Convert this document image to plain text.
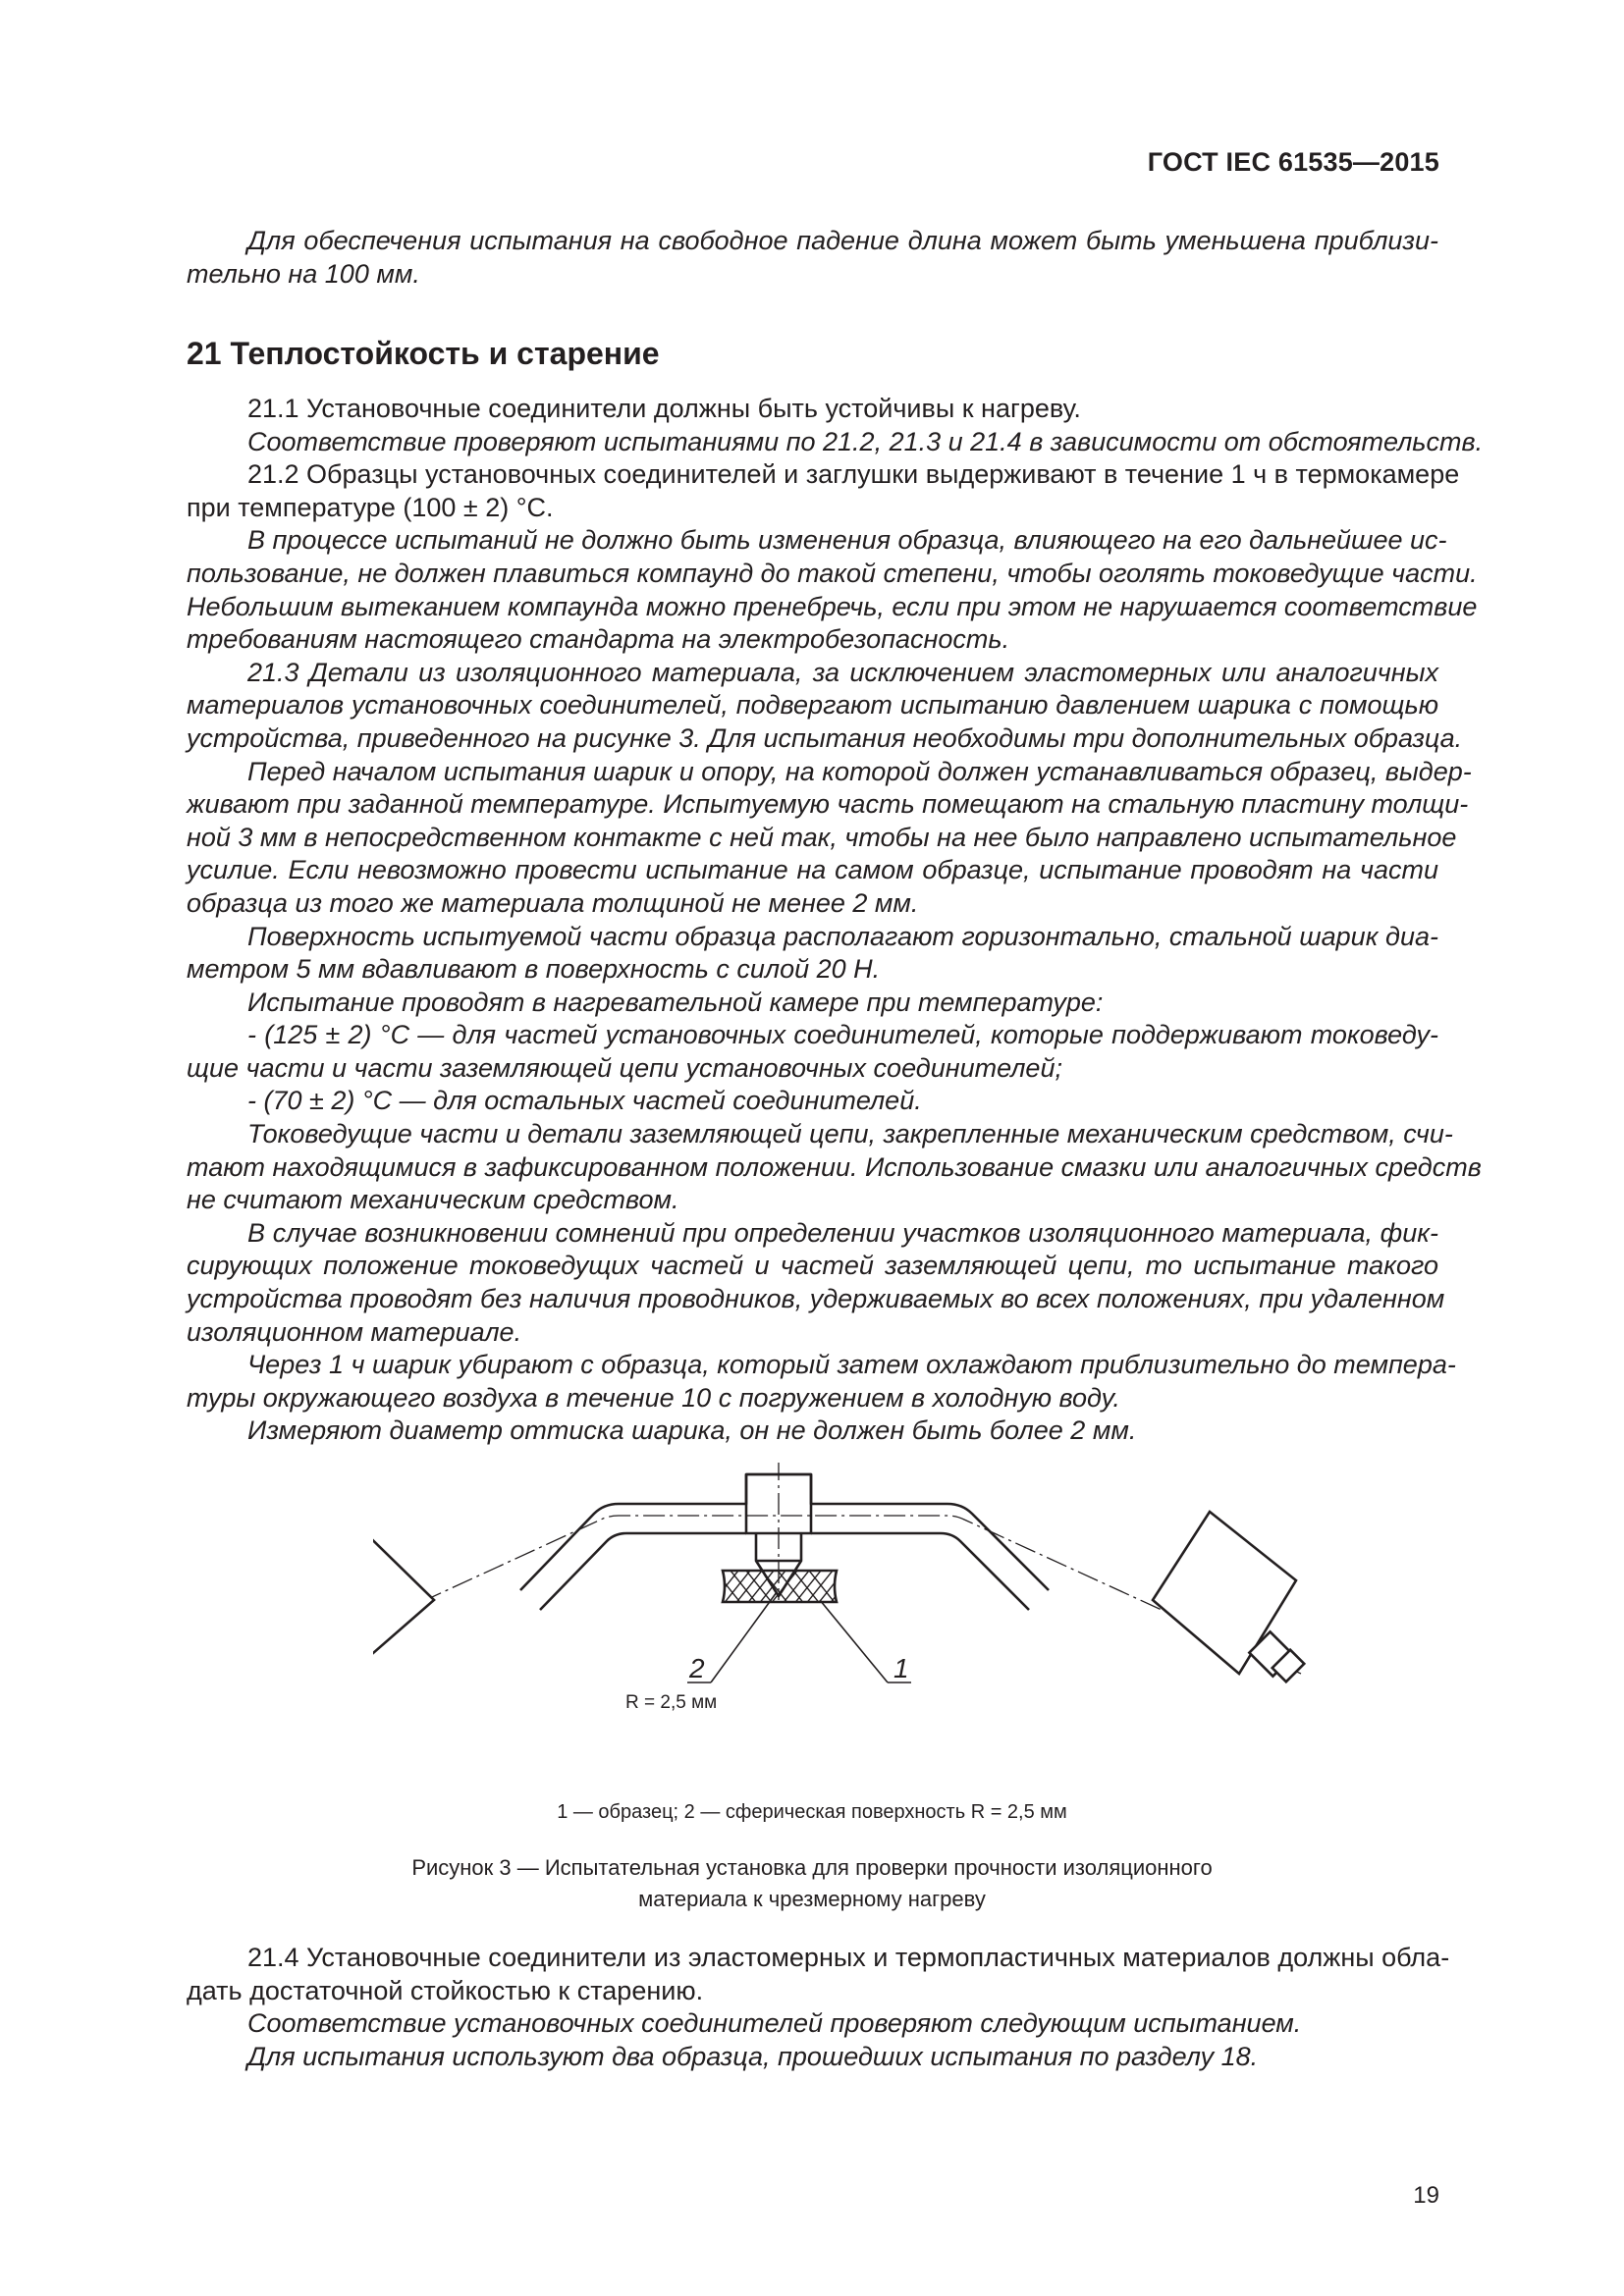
ГОСТ IEC 61535—2015
Для обеспечения испытания на свободное падение длина может быть уменьшена приблизи-
тельно на 100 мм.
21 Теплостойкость и старение
21.1 Установочные соединители должны быть устойчивы к нагреву.
Соответствие проверяют испытаниями по 21.2, 21.3 и 21.4 в зависимости от обстоятельств.
21.2 Образцы установочных соединителей и заглушки выдерживают в течение 1 ч в термокамере
при температуре (100 ± 2) °С.
В процессе испытаний не должно быть изменения образца, влияющего на его дальнейшее ис-
пользование, не должен плавиться компаунд до такой степени, чтобы оголять токоведущие части.
Небольшим вытеканием компаунда можно пренебречь, если при этом не нарушается соответствие
требованиям настоящего стандарта на электробезопасность.
21.3 Детали из изоляционного материала, за исключением эластомерных или аналогичных
материалов установочных соединителей, подвергают испытанию давлением шарика с помощью
устройства, приведенного на рисунке 3. Для испытания необходимы три дополнительных образца.
Перед началом испытания шарик и опору, на которой должен устанавливаться образец, выдер-
живают при заданной температуре. Испытуемую часть помещают на стальную пластину толщи-
ной 3 мм в непосредственном контакте с ней так, чтобы на нее было направлено испытательное
усилие. Если невозможно провести испытание на самом образце, испытание проводят на части
образца из того же материала толщиной не менее 2 мм.
Поверхность испытуемой части образца располагают горизонтально, стальной шарик диа-
метром 5 мм вдавливают в поверхность с силой 20 Н.
Испытание проводят в нагревательной камере при температуре:
- (125 ± 2) °С — для частей установочных соединителей, которые поддерживают токоведу-
щие части и части заземляющей цепи установочных соединителей;
- (70 ± 2) °С — для остальных частей соединителей.
Токоведущие части и детали заземляющей цепи, закрепленные механическим средством, счи-
тают находящимися в зафиксированном положении. Использование смазки или аналогичных средств
не считают механическим средством.
В случае возникновении сомнений при определении участков изоляционного материала, фик-
сирующих положение токоведущих частей и частей заземляющей цепи, то испытание такого
устройства проводят без наличия проводников, удерживаемых во всех положениях, при удаленном
изоляционном материале.
Через 1 ч шарик убирают с образца, который затем охлаждают приблизительно до темпера-
туры окружающего воздуха в течение 10 с погружением в холодную воду.
Измеряют диаметр оттиска шарика, он не должен быть более 2 мм.
2	1
R = 2,5 мм
1 — образец; 2 — сферическая поверхность R = 2,5 мм
Рисунок 3 — Испытательная установка для проверки прочности изоляционного
материала к чрезмерному нагреву
21.4 Установочные соединители из эластомерных и термопластичных материалов должны обла-
дать достаточной стойкостью к старению.
Соответствие установочных соединителей проверяют следующим испытанием.
Для испытания используют два образца, прошедших испытания по разделу 18.
19
